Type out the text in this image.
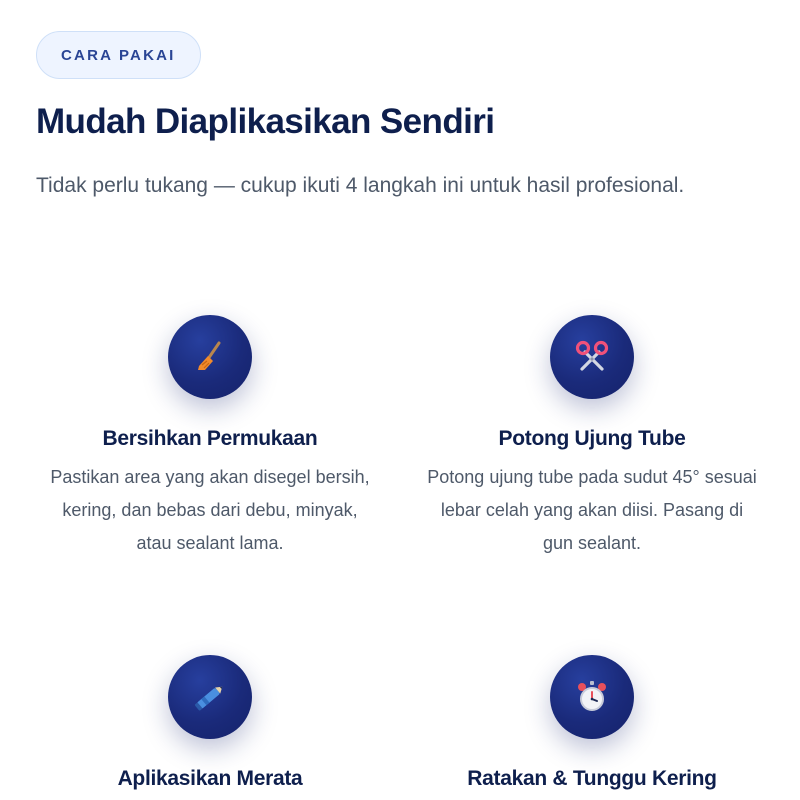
CARA PAKAI
Mudah Diaplikasikan Sendiri

Tidak perlu tukang — cukup ikuti 4 langkah ini untuk hasil profesional.

Bersihkan Permukaan

Pastikan area yang akan disegel bersih, kering, dan bebas dari debu, minyak, atau sealant lama.

Potong Ujung Tube

Potong ujung tube pada sudut 45° sesuai lebar celah yang akan diisi. Pasang di gun sealant.

Aplikasikan Merata	Ratakan & Tunggu Kering
